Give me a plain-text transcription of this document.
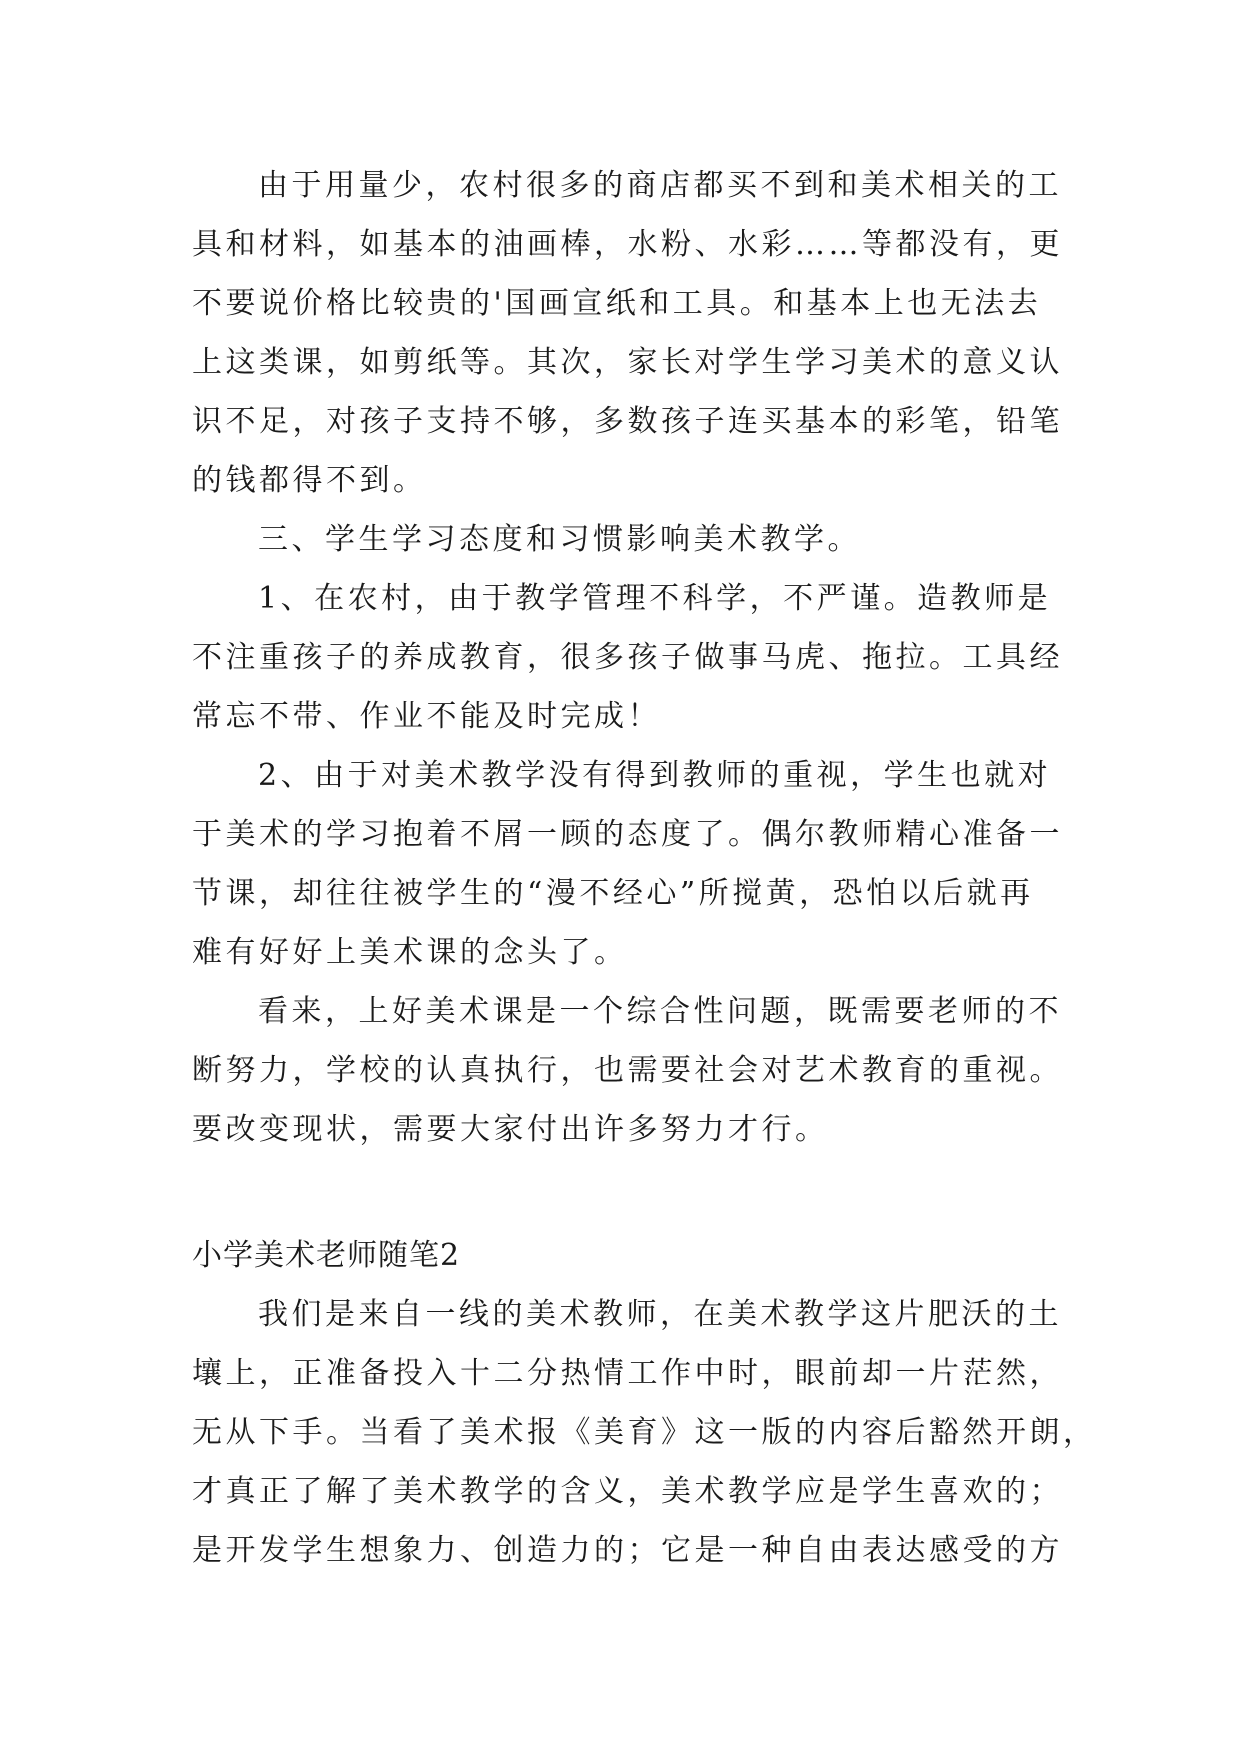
由于用量少，农村很多的商店都买不到和美术相关的工
具和材料，如基本的油画棒，水粉、水彩……等都没有，更
不要说价格比较贵的'国画宣纸和工具。和基本上也无法去
上这类课，如剪纸等。其次，家长对学生学习美术的意义认
识不足，对孩子支持不够，多数孩子连买基本的彩笔，铅笔
的钱都得不到。
三、学生学习态度和习惯影响美术教学。
1、在农村，由于教学管理不科学，不严谨。造教师是
不注重孩子的养成教育，很多孩子做事马虎、拖拉。工具经
常忘不带、作业不能及时完成！
2、由于对美术教学没有得到教师的重视，学生也就对
于美术的学习抱着不屑一顾的态度了。偶尔教师精心准备一
节课，却往往被学生的“漫不经心”所搅黄，恐怕以后就再
难有好好上美术课的念头了。
看来，上好美术课是一个综合性问题，既需要老师的不
断努力，学校的认真执行，也需要社会对艺术教育的重视。
要改变现状，需要大家付出许多努力才行。
小学美术老师随笔2
我们是来自一线的美术教师，在美术教学这片肥沃的土
壤上，正准备投入十二分热情工作中时，眼前却一片茫然，
无从下手。当看了美术报《美育》这一版的内容后豁然开朗，
才真正了解了美术教学的含义，美术教学应是学生喜欢的；
是开发学生想象力、创造力的；它是一种自由表达感受的方
